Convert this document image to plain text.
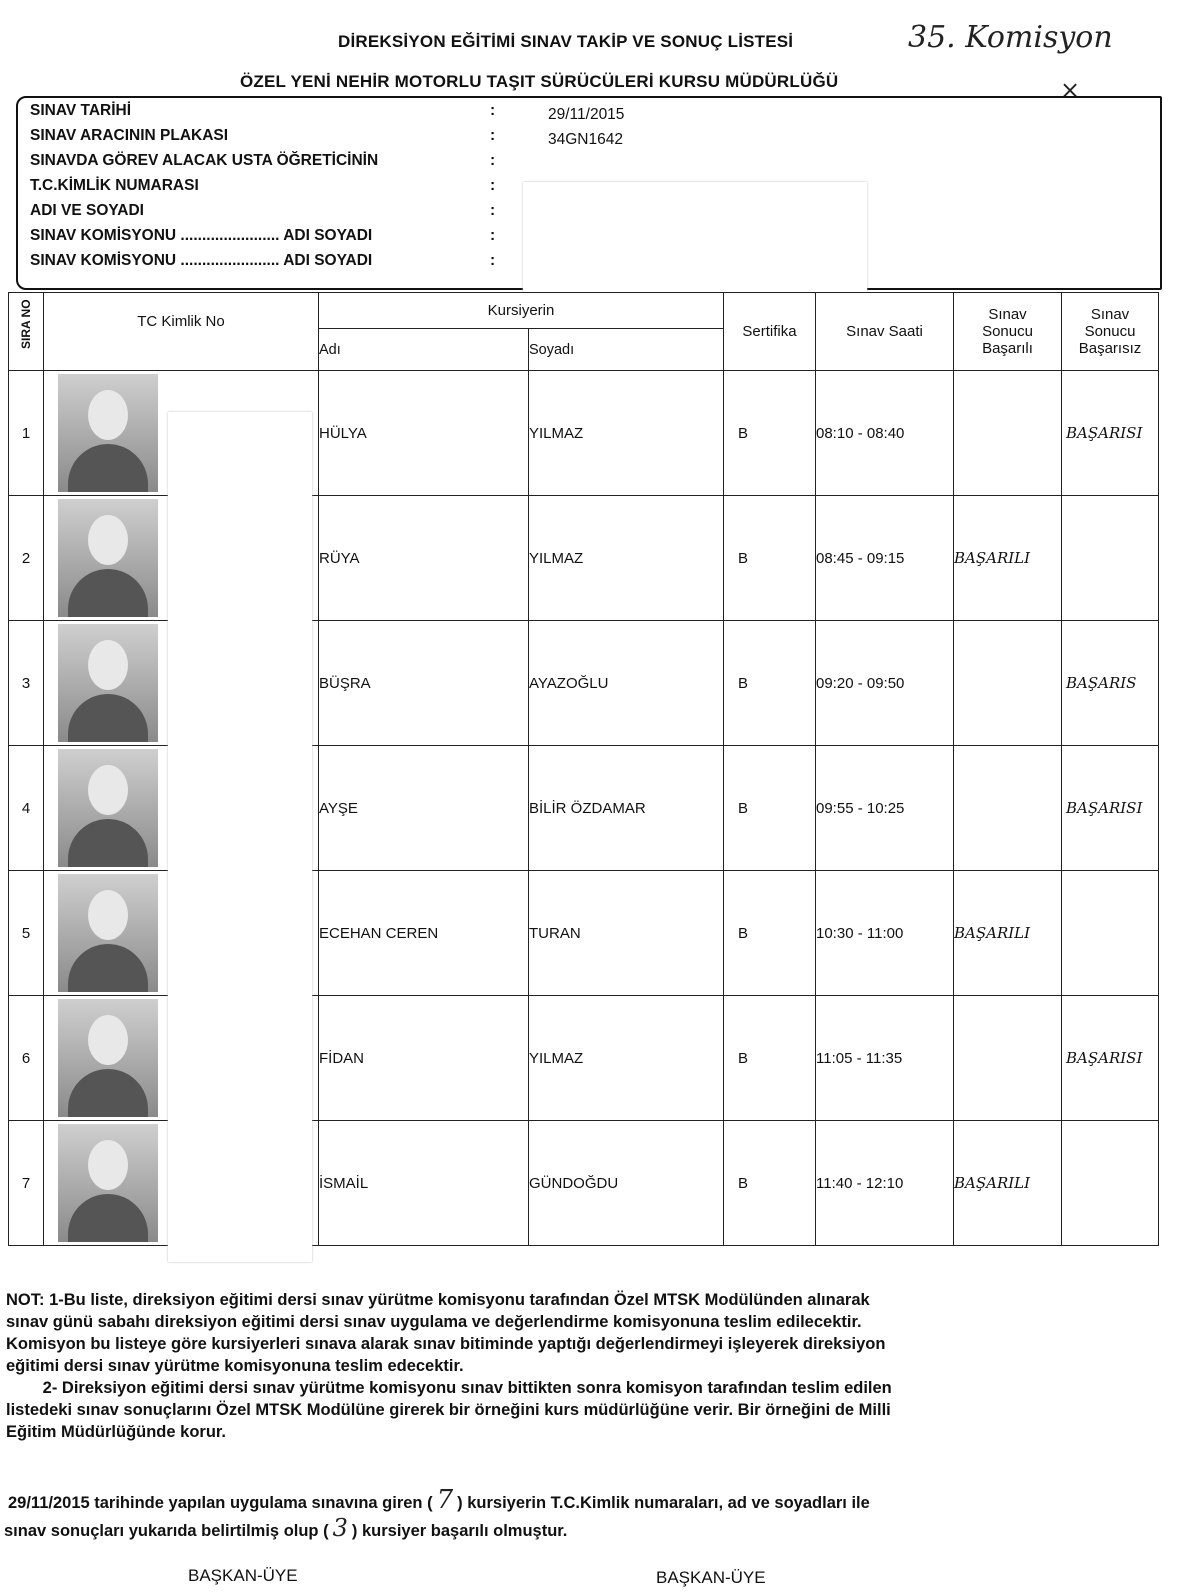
DİREKSİYON EĞİTİMİ SINAV TAKİP VE SONUÇ LİSTESİ	35. Komisyon
×
ÖZEL YENİ NEHİR MOTORLU TAŞIT SÜRÜCÜLERİ KURSU MÜDÜRLÜĞÜ
SINAV TARİHİ	:	29/11/2015
SINAV ARACININ PLAKASI	:	34GN1642
SINAVDA GÖREV ALACAK USTA ÖĞRETİCİNİN	:
T.C.KİMLİK NUMARASI	:
ADI VE SOYADI	:
SINAV KOMİSYONU ....................... ADI SOYADI	:
SINAV KOMİSYONU ....................... ADI SOYADI	:
SIRA NO	TC Kimlik No	Kursiyerin		Sertifika	Sınav Saati	Sınav Sonucu Başarılı	Sınav Sonucu Başarısız
		Adı	Soyadı				
1		HÜLYA	YILMAZ	B	08:10 - 08:40		BAŞARISI
2		RÜYA	YILMAZ	B	08:45 - 09:15	BAŞARILI	
3		BÜŞRA	AYAZOĞLU	B	09:20 - 09:50		BAŞARIS
4		AYŞE	BİLİR ÖZDAMAR	B	09:55 - 10:25		BAŞARISI
5		ECEHAN CEREN	TURAN	B	10:30 - 11:00	BAŞARILI	
6		FİDAN	YILMAZ	B	11:05 - 11:35		BAŞARISI
7		İSMAİL	GÜNDOĞDU	B	11:40 - 12:10	BAŞARILI	
NOT: 1-Bu liste, direksiyon eğitimi dersi sınav yürütme komisyonu tarafından Özel MTSK Modülünden alınarak
sınav günü sabahı direksiyon eğitimi dersi sınav uygulama ve değerlendirme komisyonuna teslim edilecektir.
Komisyon bu listeye göre kursiyerleri sınava alarak sınav bitiminde yaptığı değerlendirmeyi işleyerek direksiyon
eğitimi dersi sınav yürütme komisyonuna teslim edecektir.
2- Direksiyon eğitimi dersi sınav yürütme komisyonu sınav bittikten sonra komisyon tarafından teslim edilen
listedeki sınav sonuçlarını Özel MTSK Modülüne girerek bir örneğini kurs müdürlüğüne verir. Bir örneğini de Milli
Eğitim Müdürlüğünde korur.
29/11/2015 tarihinde yapılan uygulama sınavına giren ( 7 ) kursiyerin T.C.Kimlik numaraları, ad ve soyadları ile
sınav sonuçları yukarıda belirtilmiş olup ( 3 ) kursiyer başarılı olmuştur.
BAŞKAN-ÜYE	BAŞKAN-ÜYE
